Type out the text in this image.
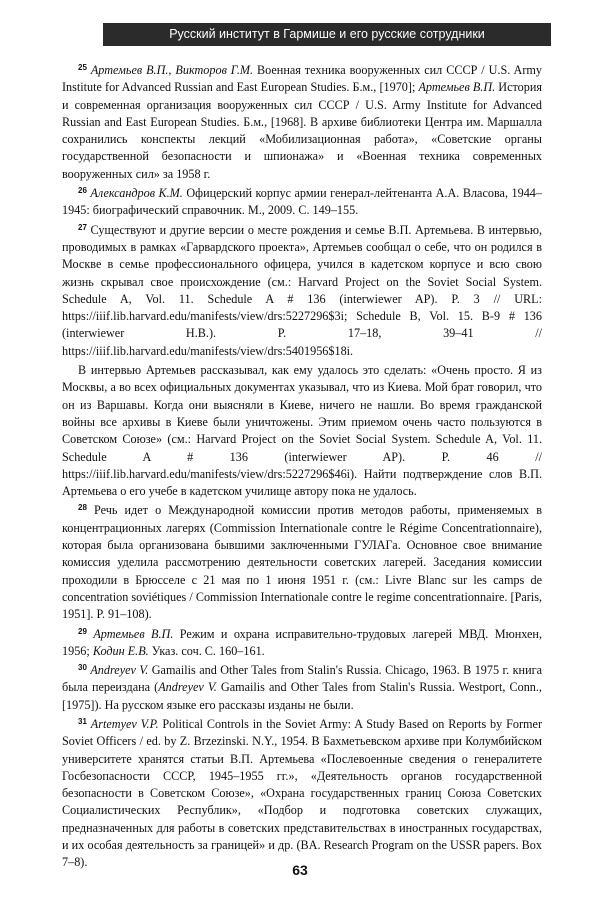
Русский институт в Гармише и его русские сотрудники

$^{25}$ Артемьев В.П., Викторов Г.М. Военная техника вооруженных сил СССР / U.S. Army Institute for Advanced Russian and East European Studies. Б.м., [1970]; Артемьев В.П. История и современная организация вооруженных сил СССР / U.S. Army Institute for Advanced Russian and East European Studies. Б.м., [1968]. В архиве библиотеки Центра им. Маршалла сохранились конспекты лекций «Мобилизационная работа», «Советские органы государственной безопасности и шпионажа» и «Военная техника современных вооруженных сил» за 1958 г.

$^{26}$ Александров К.М. Офицерский корпус армии генерал-лейтенанта А.А. Власова, 1944–1945: биографический справочник. М., 2009. С. 149–155.

$^{27}$ Существуют и другие версии о месте рождения и семье В.П. Артемьева. В интервью, проводимых в рамках «Гарвардского проекта», Артемьев сообщал о себе, что он родился в Москве в семье профессионального офицера, учился в кадетском корпусе и всю свою жизнь скрывал свое происхождение (см.: Harvard Project on the Soviet Social System. Schedule A, Vol. 11. Schedule A # 136 (interwiewer AP). P. 3 // URL: https://iiif.lib.harvard.edu/manifests/view/drs:5227296$3i; Schedule B, Vol. 15. B-9 # 136 (interwiewer H.B.). P. 17–18, 39–41 // https://iiif.lib.harvard.edu/manifests/view/drs:5401956$18i.

В интервью Артемьев рассказывал, как ему удалось это сделать: «Очень просто. Я из Москвы, а во всех официальных документах указывал, что из Киева. Мой брат говорил, что он из Варшавы. Когда они выясняли в Киеве, ничего не нашли. Во время гражданской войны все архивы в Киеве были уничтожены. Этим приемом очень часто пользуются в Советском Союзе» (см.: Harvard Project on the Soviet Social System. Schedule A, Vol. 11. Schedule A # 136 (interwiewer AP). P. 46 // https://iiif.lib.harvard.edu/manifests/view/drs:5227296$46i). Найти подтверждение слов В.П. Артемьева о его учебе в кадетском училище автору пока не удалось.

$^{28}$ Речь идет о Международной комиссии против методов работы, применяемых в концентрационных лагерях (Commission Internationale contre le Régime Concentrationnaire), которая была организована бывшими заключенными ГУЛАГа. Основное свое внимание комиссия уделила рассмотрению деятельности советских лагерей. Заседания комиссии проходили в Брюсселе с 21 мая по 1 июня 1951 г. (см.: Livre Blanc sur les camps de concentration soviétiques / Commission Internationale contre le regime concentrationnaire. [Paris, 1951]. P. 91–108).

$^{29}$ Артемьев В.П. Режим и охрана исправительно-трудовых лагерей МВД. Мюнхен, 1956; Кодин Е.В. Указ. соч. С. 160–161.

$^{30}$ Andreyev V. Gamailis and Other Tales from Stalin's Russia. Chicago, 1963. В 1975 г. книга была переиздана (Andreyev V. Gamailis and Other Tales from Stalin's Russia. Westport, Conn., [1975]). На русском языке его рассказы изданы не были.

$^{31}$ Artemyev V.P. Political Controls in the Soviet Army: A Study Based on Reports by Former Soviet Officers / ed. by Z. Brzezinski. N.Y., 1954. В Бахметьевском архиве при Колумбийском университете хранятся статьи В.П. Артемьева «Послевоенные сведения о генералитете Госбезопасности СССР, 1945–1955 гг.», «Деятельность органов государственной безопасности в Советском Союзе», «Охрана государственных границ Союза Советских Социалистических Республик», «Подбор и подготовка советских служащих, предназначенных для работы в советских представительствах в иностранных государствах, и их особая деятельность за границей» и др. (BA. Research Program on the USSR papers. Box 7–8).	63
